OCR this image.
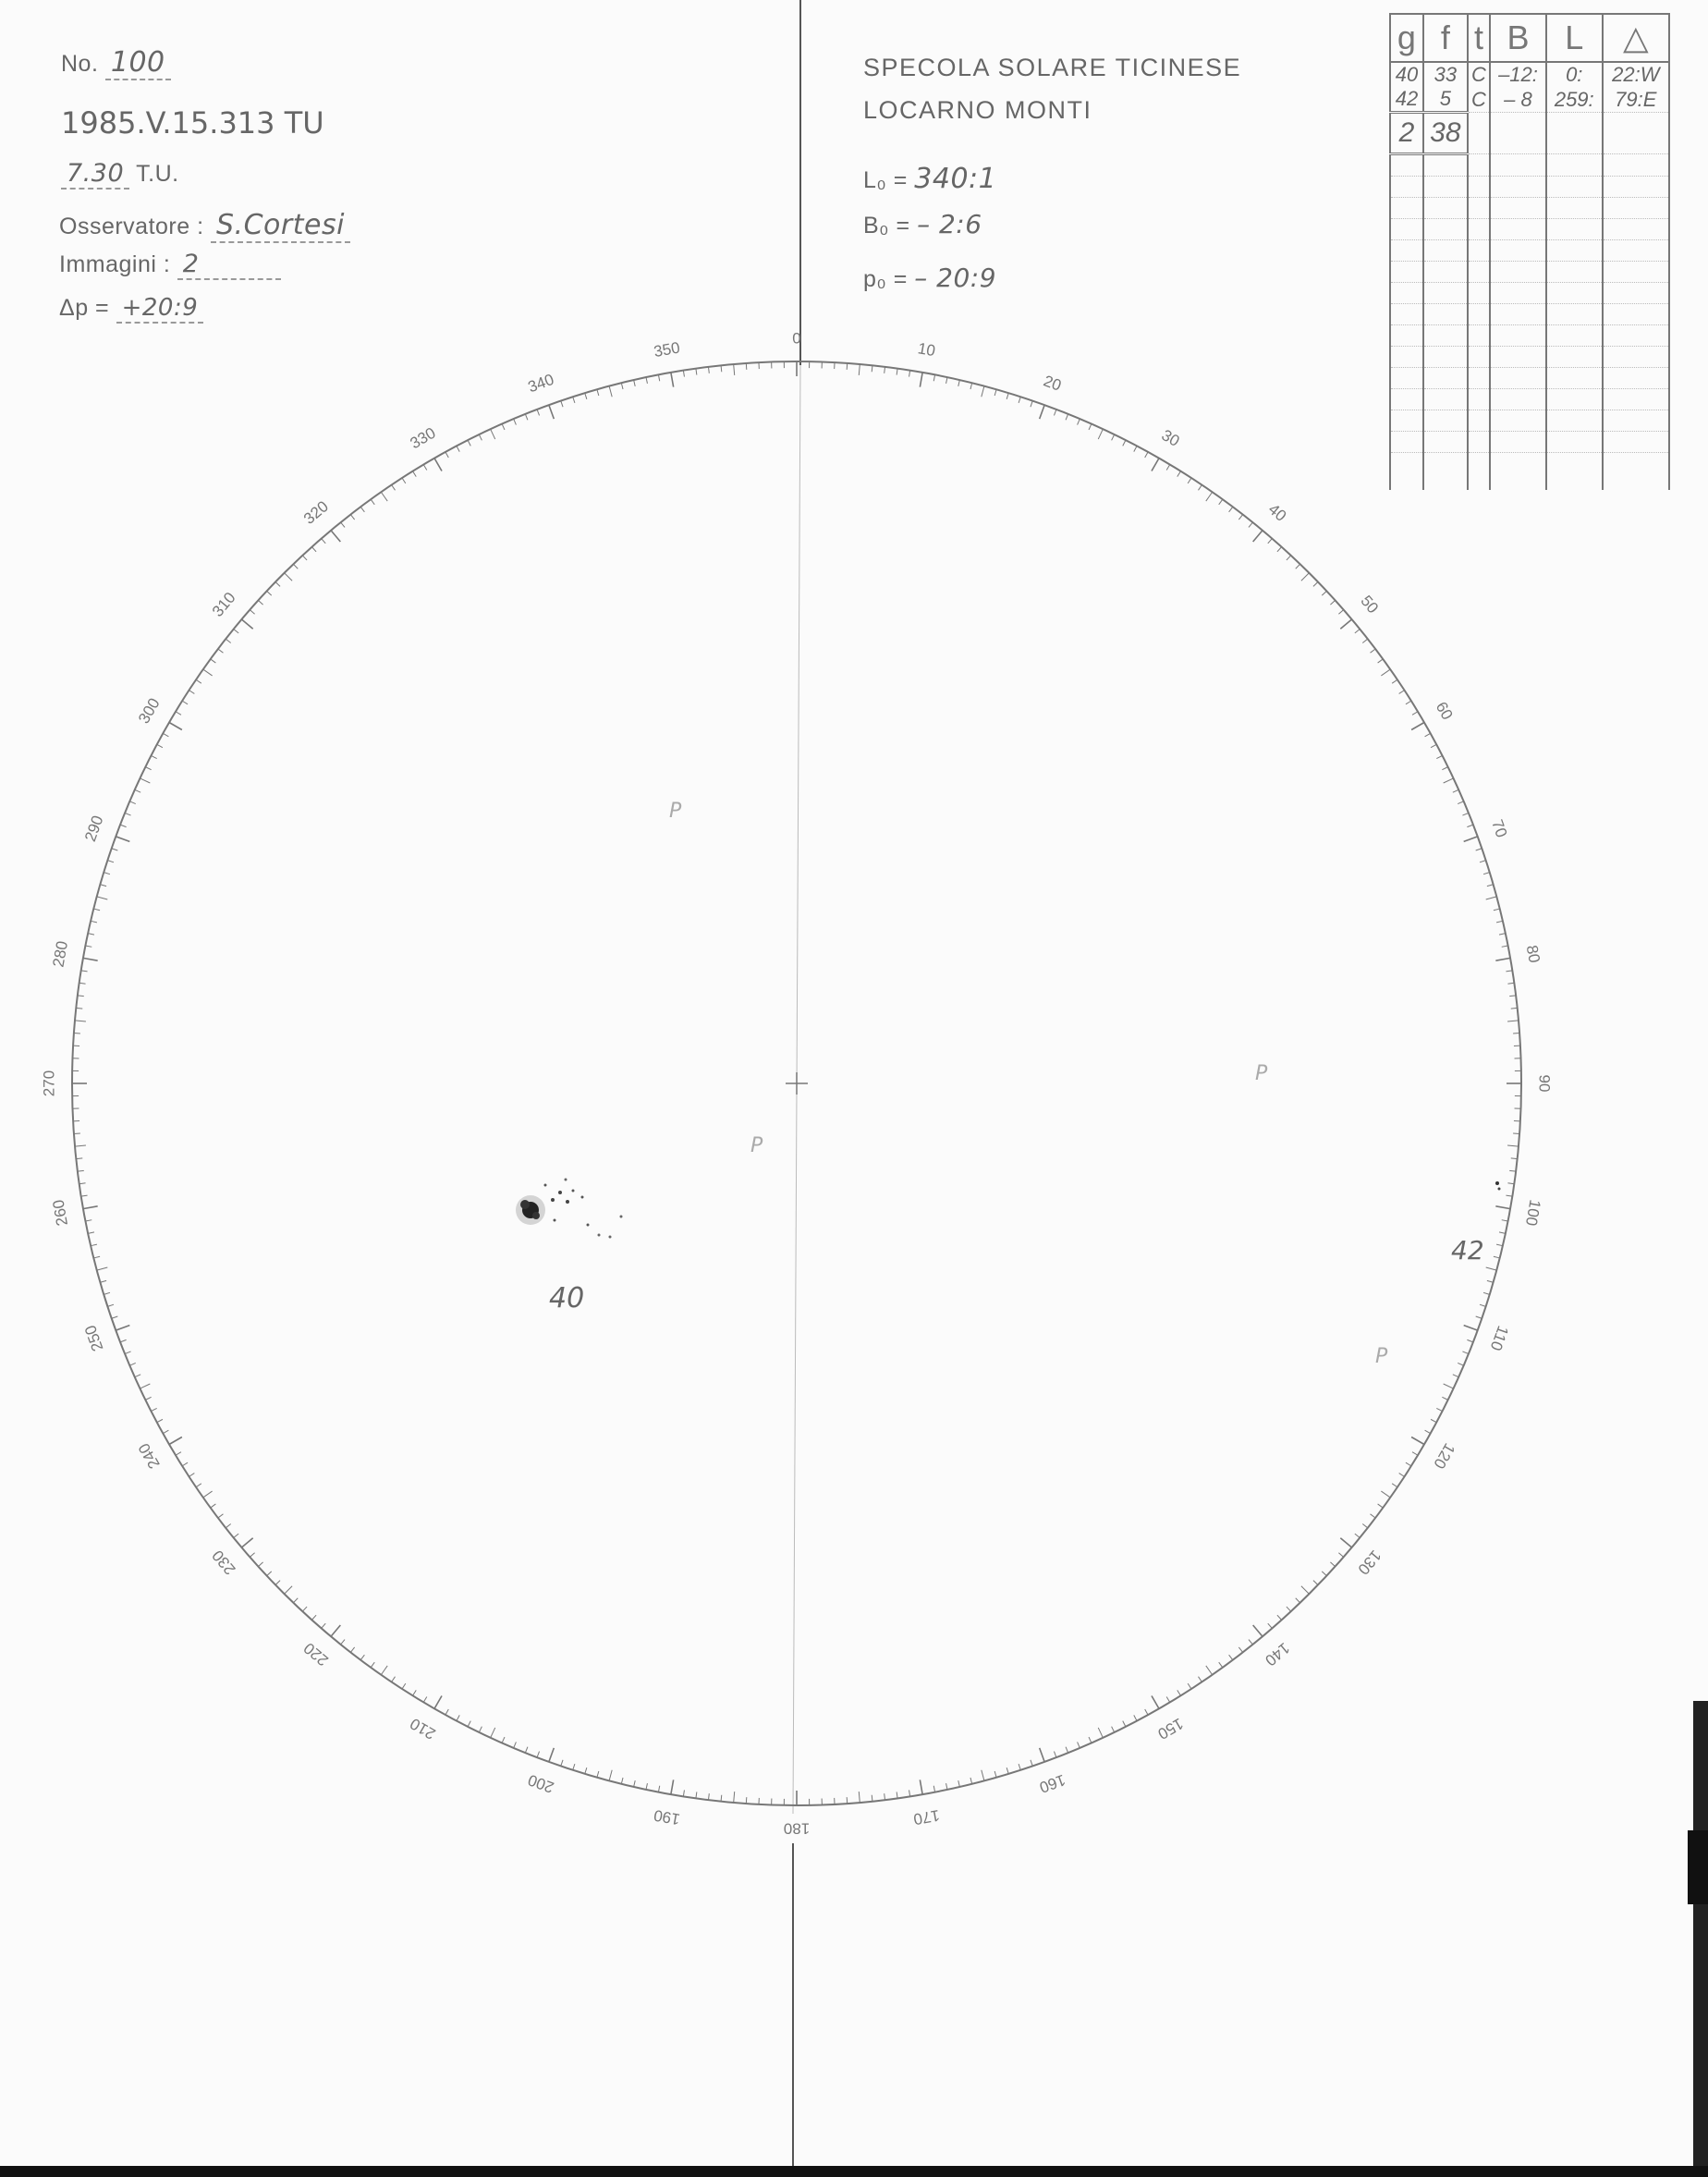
No. 100
1985.V.15.313 TU
7.30 T.U.
Osservatore : S.Cortesi
Immagini : 2
Δp = +20:9
SPECOLA SOLARE TICINESE
LOCARNO MONTI
L₀ = 340:1
B₀ = – 2:6
p₀ = – 20:9
g	f	t	B	L	△
40	33	C	–12:	0:	22:W
42	5	C	– 8	259:	79:E
2	38				

0
10
20
30
40
50
60
70
80
90
100
110
120
130
140
150
160
170
180
190
200
210
220
230
240
250
260
270
280
290
300
310
320
330
340
350
40
42
P
P
P
P
